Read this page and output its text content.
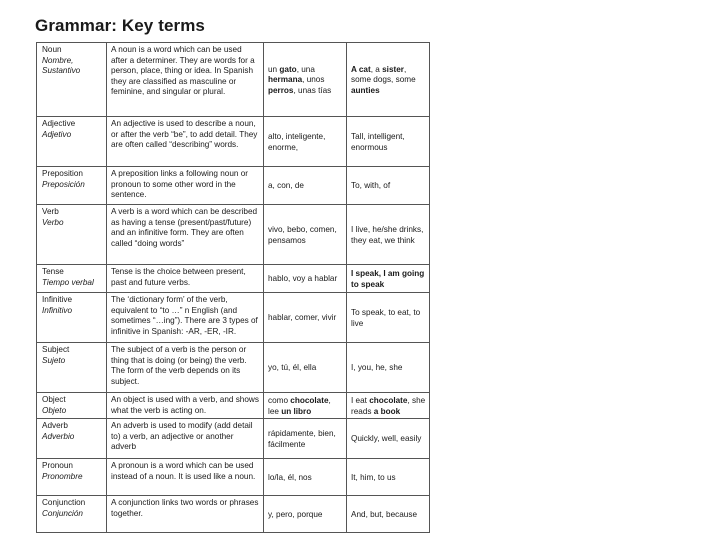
Grammar: Key terms
Noun
Nombre,
Sustantivo	A noun is a word which can be used after a determiner. They are words for a person, place, thing or idea. In Spanish they are classified as masculine or feminine, and singular or plural.	un gato, una hermana, unos perros, unas tías	A cat, a sister, some dogs, some aunties

Adjective
Adjetivo	An adjective is used to describe a noun, or after the verb “be”, to add detail. They are often called “describing” words.	alto, inteligente, enorme,	Tall, intelligent, enormous

Preposition
Preposición	A preposition links a following noun or pronoun to some other word in the sentence.	a, con, de	To, with, of

Verb
Verbo	A verb is a word which can be described as having a tense (present/past/future) and an infinitive form. They are often called “doing words”	vivo, bebo, comen, pensamos	I live, he/she drinks, they eat, we think

Tense
Tiempo verbal	Tense is the choice between present, past and future verbs.	hablo, voy a hablar	I speak, I am going to speak

Infinitive
Infinitivo	The ‘dictionary form’ of the verb, equivalent to “to …” n English (and sometimes “…ing”). There are 3 types of infinitive in Spanish: -AR, -ER, -IR.	hablar, comer, vivir	To speak, to eat, to live

Subject
Sujeto	The subject of a verb is the person or thing that is doing (or being) the verb. The form of the verb depends on its subject.	yo, tú, él, ella	I, you, he, she

Object
Objeto	An object is used with a verb, and shows what the verb is acting on.	como chocolate, lee un libro	I eat chocolate, she reads a book

Adverb
Adverbio	An adverb is used to modify (add detail to) a verb, an adjective or another adverb	rápidamente, bien, fácilmente	Quickly, well, easily

Pronoun
Pronombre	A pronoun is a word which can be used instead of a noun. It is used like a noun.	lo/la, él, nos	It, him, to us

Conjunction
Conjunción	A conjunction links two words or phrases together.	y, pero, porque	And, but, because
